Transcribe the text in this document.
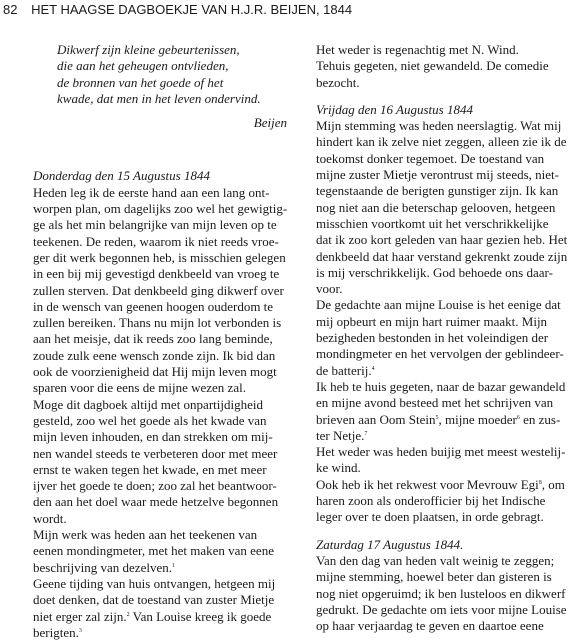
82 HET HAAGSE DAGBOEKJE VAN H.J.R. BEIJEN, 1844
Dikwerf zijn kleine gebeurtenissen,
die aan het geheugen ontvlieden,
de bronnen van het goede of het
kwade, dat men in het leven ondervind.
Beijen
Donderdag den 15 Augustus 1844
Heden leg ik de eerste hand aan een lang ont-
worpen plan, om dagelijks zoo wel het gewigtig-
ge als het min belangrijke van mijn leven op te
teekenen. De reden, waarom ik niet reeds vroe-
ger dit werk begonnen heb, is misschien gelegen
in een bij mij gevestigd denkbeeld van vroeg te
zullen sterven. Dat denkbeeld ging dikwerf over
in de wensch van geenen hoogen ouderdom te
zullen bereiken. Thans nu mijn lot verbonden is
aan het meisje, dat ik reeds zoo lang beminde,
zoude zulk eene wensch zonde zijn. Ik bid dan
ook de voorzienigheid dat Hij mijn leven mogt
sparen voor die eens de mijne wezen zal.
Moge dit dagboek altijd met onpartijdigheid
gesteld, zoo wel het goede als het kwade van
mijn leven inhouden, en dan strekken om mij-
nen wandel steeds te verbeteren door met meer
ernst te waken tegen het kwade, en met meer
ijver het goede te doen; zoo zal het beantwoor-
den aan het doel waar mede hetzelve begonnen
wordt.
Mijn werk was heden aan het teekenen van
eenen mondingmeter, met het maken van eene
beschrijving van dezelven.$^1$
Geene tijding van huis ontvangen, hetgeen mij
doet denken, dat de toestand van zuster Mietje
niet erger zal zijn.$^2$ Van Louise kreeg ik goede
berigten.$^3$
Het weder is regenachtig met N. Wind.
Tehuis gegeten, niet gewandeld. De comedie
bezocht.
Vrijdag den 16 Augustus 1844
Mijn stemming was heden neerslagtig. Wat mij
hindert kan ik zelve niet zeggen, alleen zie ik de
toekomst donker tegemoet. De toestand van
mijne zuster Mietje verontrust mij steeds, niet-
tegenstaande de berigten gunstiger zijn. Ik kan
nog niet aan die beterschap gelooven, hetgeen
misschien voortkomt uit het verschrikkelijke
dat ik zoo kort geleden van haar gezien heb. Het
denkbeeld dat haar verstand gekrenkt zoude zijn
is mij verschrikkelijk. God behoede ons daar-
voor.
De gedachte aan mijne Louise is het eenige dat
mij opbeurt en mijn hart ruimer maakt. Mijn
bezigheden bestonden in het voleindigen der
mondingmeter en het vervolgen der geblindeer-
de batterij.$^4$
Ik heb te huis gegeten, naar de bazar gewandeld
en mijne avond besteed met het schrijven van
brieven aan Oom Stein$^5$, mijne moeder$^6$ en zus-
ter Netje.$^7$
Het weder was heden buijig met meest westelij-
ke wind.
Ook heb ik het rekwest voor Mevrouw Egi$^8$, om
haren zoon als onderofficier bij het Indische
leger over te doen plaatsen, in orde gebragt.
Zaturdag 17 Augustus 1844.
Van den dag van heden valt weinig te zeggen;
mijne stemming, hoewel beter dan gisteren is
nog niet opgeruimd; ik ben lusteloos en dikwerf
gedrukt. De gedachte om iets voor mijne Louise
op haar verjaardag te geven en daartoe eene
